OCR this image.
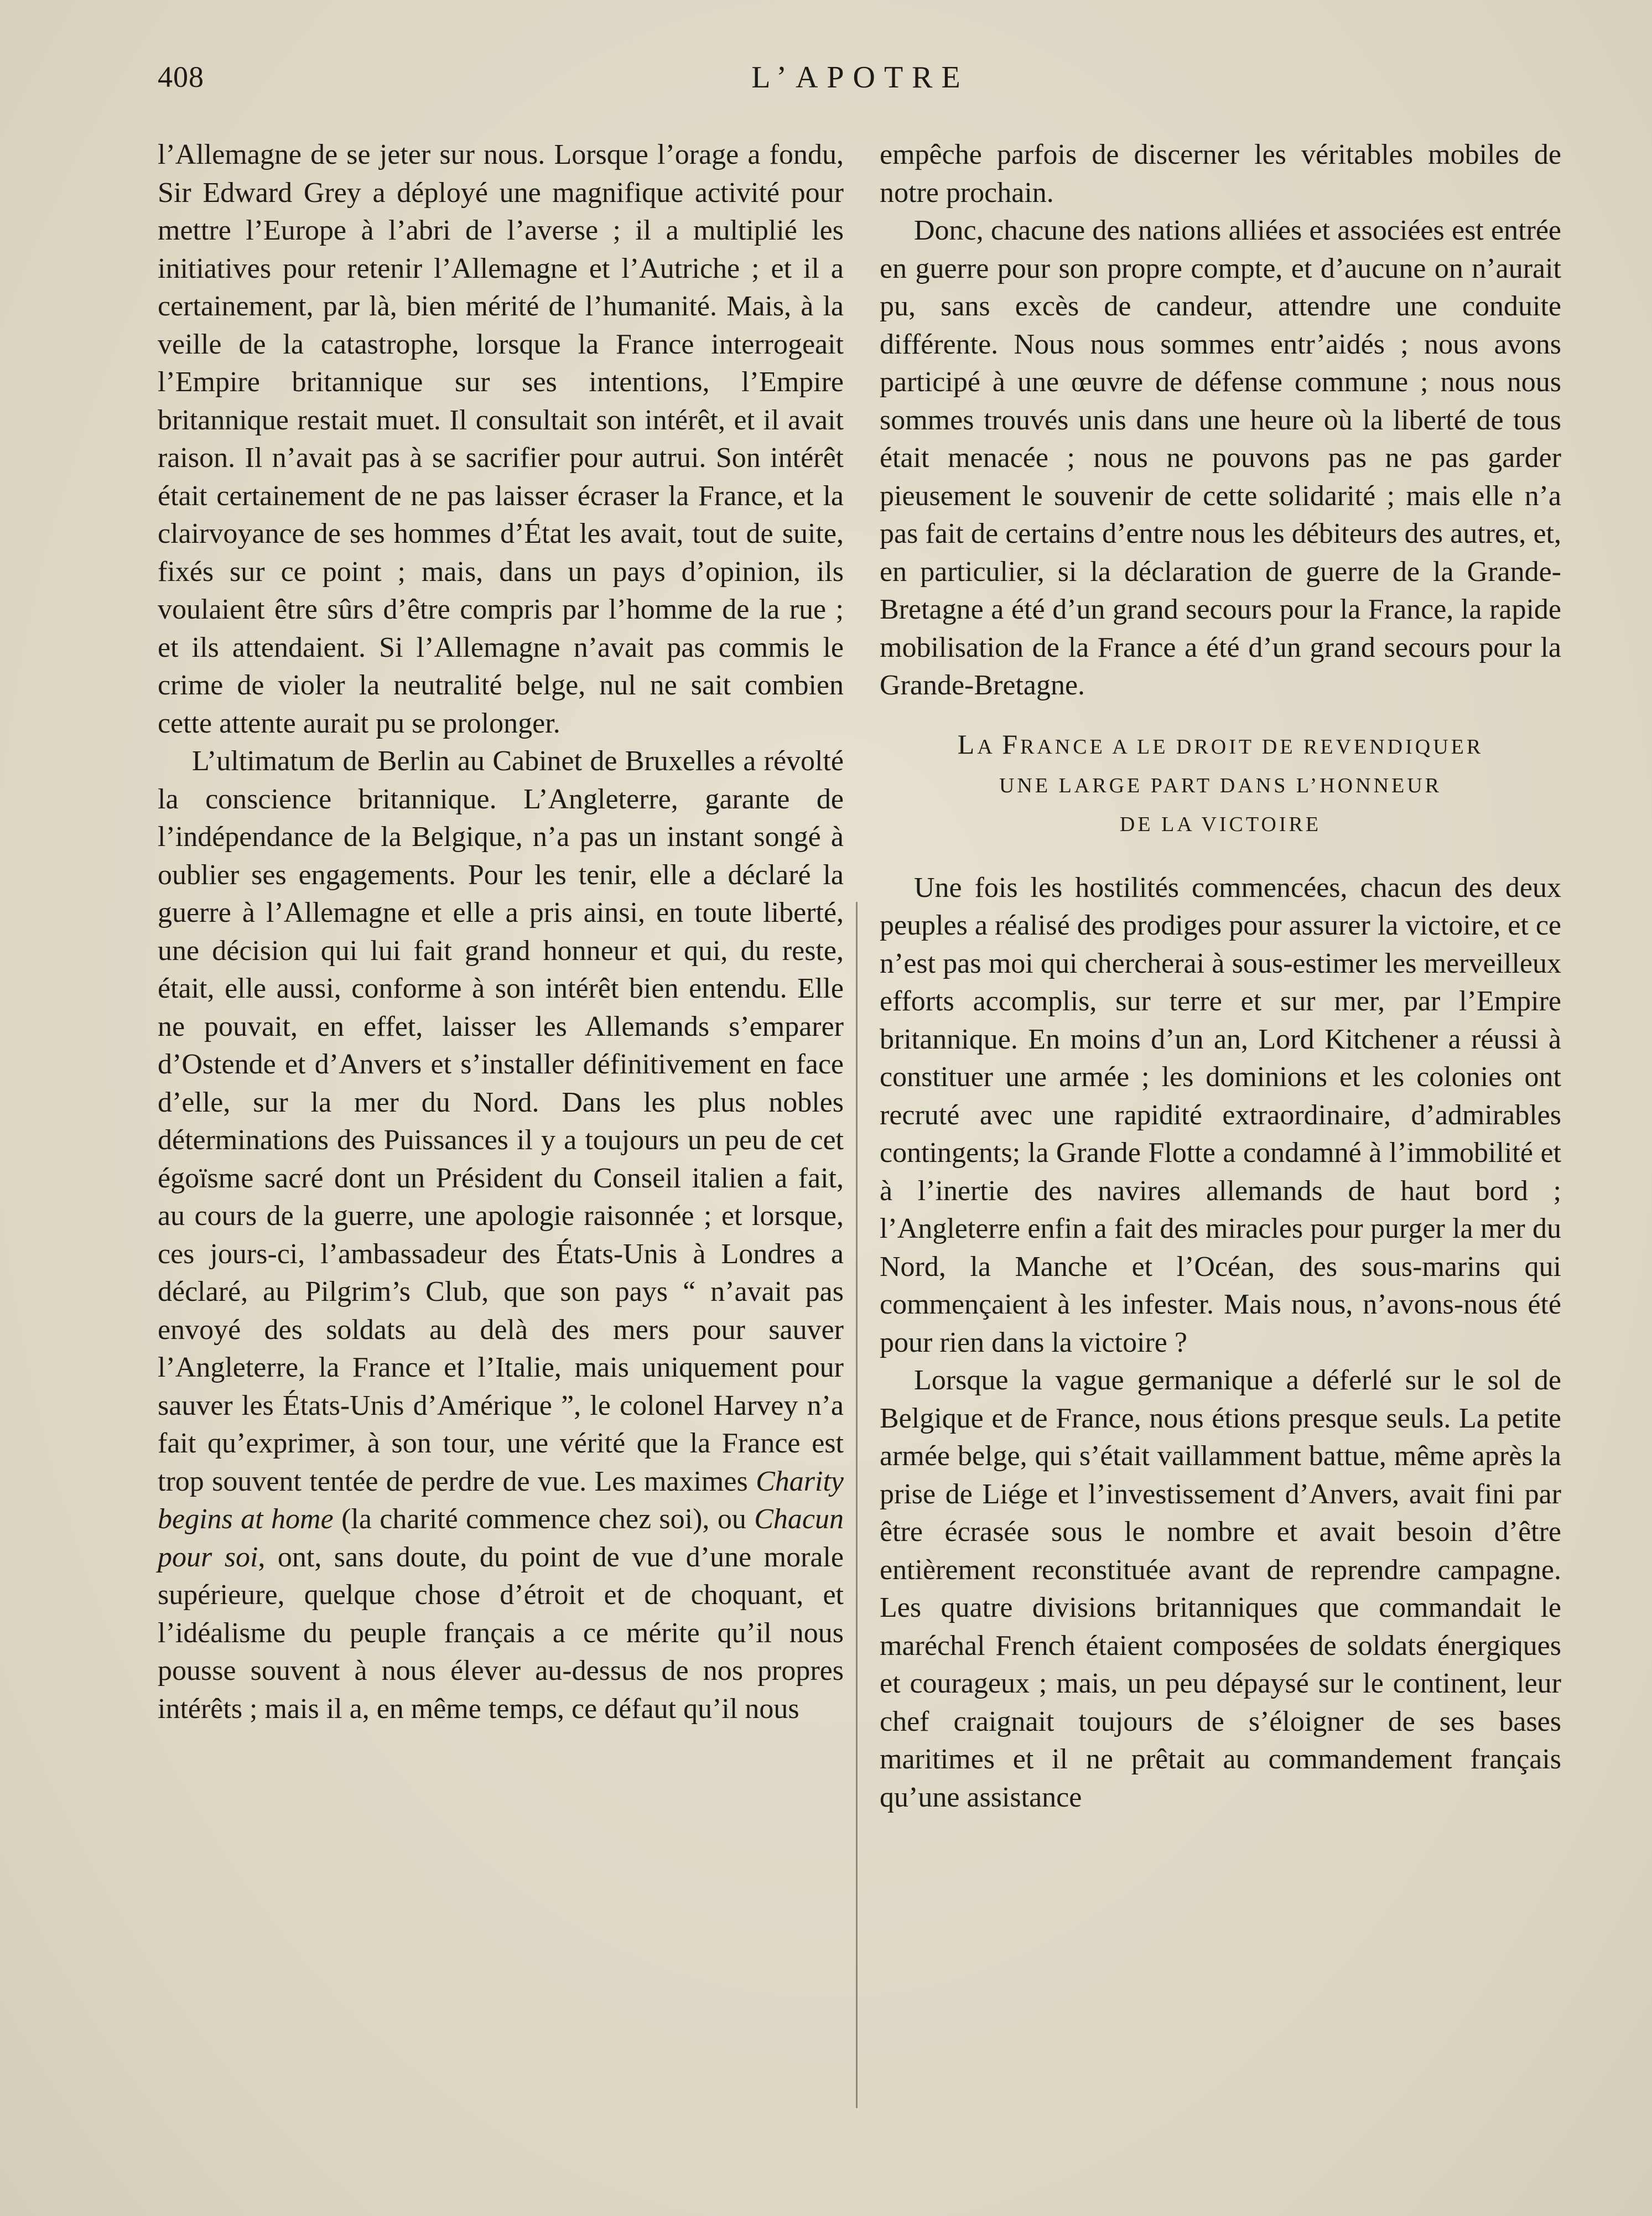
408	L’APOTRE

l’Allemagne de se jeter sur nous. Lorsque l’orage a fondu, Sir Edward Grey a déployé une magnifique activité pour mettre l’Europe à l’abri de l’averse ; il a multiplié les initiatives pour retenir l’Allemagne et l’Autriche ; et il a certainement, par là, bien mérité de l’humanité. Mais, à la veille de la catastrophe, lorsque la France interrogeait l’Empire britannique sur ses intentions, l’Empire britannique restait muet. Il consultait son intérêt, et il avait raison. Il n’avait pas à se sacrifier pour autrui. Son intérêt était certainement de ne pas laisser écraser la France, et la clairvoyance de ses hommes d’État les avait, tout de suite, fixés sur ce point ; mais, dans un pays d’opinion, ils voulaient être sûrs d’être compris par l’homme de la rue ; et ils attendaient. Si l’Allemagne n’avait pas commis le crime de violer la neutralité belge, nul ne sait combien cette attente aurait pu se prolonger.

L’ultimatum de Berlin au Cabinet de Bruxelles a révolté la conscience britannique. L’Angleterre, garante de l’indépendance de la Belgique, n’a pas un instant songé à oublier ses engagements. Pour les tenir, elle a déclaré la guerre à l’Allemagne et elle a pris ainsi, en toute liberté, une décision qui lui fait grand honneur et qui, du reste, était, elle aussi, conforme à son intérêt bien entendu. Elle ne pouvait, en effet, laisser les Allemands s’emparer d’Ostende et d’Anvers et s’installer définitivement en face d’elle, sur la mer du Nord. Dans les plus nobles déterminations des Puissances il y a toujours un peu de cet égoïsme sacré dont un Président du Conseil italien a fait, au cours de la guerre, une apologie raisonnée ; et lorsque, ces jours-ci, l’ambassadeur des États-Unis à Londres a déclaré, au Pilgrim’s Club, que son pays “ n’avait pas envoyé des soldats au delà des mers pour sauver l’Angleterre, la France et l’Italie, mais uniquement pour sauver les États-Unis d’Amérique ”, le colonel Harvey n’a fait qu’exprimer, à son tour, une vérité que la France est trop souvent tentée de perdre de vue. Les maximes Charity begins at home (la charité commence chez soi), ou Chacun pour soi, ont, sans doute, du point de vue d’une morale supérieure, quelque chose d’étroit et de choquant, et l’idéalisme du peuple français a ce mérite qu’il nous pousse souvent à nous élever au-dessus de nos propres intérêts ; mais il a, en même temps, ce défaut qu’il nous

empêche parfois de discerner les véritables mobiles de notre prochain.

Donc, chacune des nations alliées et associées est entrée en guerre pour son propre compte, et d’aucune on n’aurait pu, sans excès de candeur, attendre une conduite différente. Nous nous sommes entr’aidés ; nous avons participé à une œuvre de défense commune ; nous nous sommes trouvés unis dans une heure où la liberté de tous était menacée ; nous ne pouvons pas ne pas garder pieusement le souvenir de cette solidarité ; mais elle n’a pas fait de certains d’entre nous les débiteurs des autres, et, en particulier, si la déclaration de guerre de la Grande-Bretagne a été d’un grand secours pour la France, la rapide mobilisation de la France a été d’un grand secours pour la Grande-Bretagne.

LA FRANCE A LE DROIT DE REVENDIQUER
UNE LARGE PART DANS L’HONNEUR
DE LA VICTOIRE

Une fois les hostilités commencées, chacun des deux peuples a réalisé des prodiges pour assurer la victoire, et ce n’est pas moi qui chercherai à sous-estimer les merveilleux efforts accomplis, sur terre et sur mer, par l’Empire britannique. En moins d’un an, Lord Kitchener a réussi à constituer une armée ; les dominions et les colonies ont recruté avec une rapidité extraordinaire, d’admirables contingents; la Grande Flotte a condamné à l’immobilité et à l’inertie des navires allemands de haut bord ; l’Angleterre enfin a fait des miracles pour purger la mer du Nord, la Manche et l’Océan, des sous-marins qui commençaient à les infester. Mais nous, n’avons-nous été pour rien dans la victoire ?

Lorsque la vague germanique a déferlé sur le sol de Belgique et de France, nous étions presque seuls. La petite armée belge, qui s’était vaillamment battue, même après la prise de Liége et l’investissement d’Anvers, avait fini par être écrasée sous le nombre et avait besoin d’être entièrement reconstituée avant de reprendre campagne. Les quatre divisions britanniques que commandait le maréchal French étaient composées de soldats énergiques et courageux ; mais, un peu dépaysé sur le continent, leur chef craignait toujours de s’éloigner de ses bases maritimes et il ne prêtait au commandement français qu’une assistance
